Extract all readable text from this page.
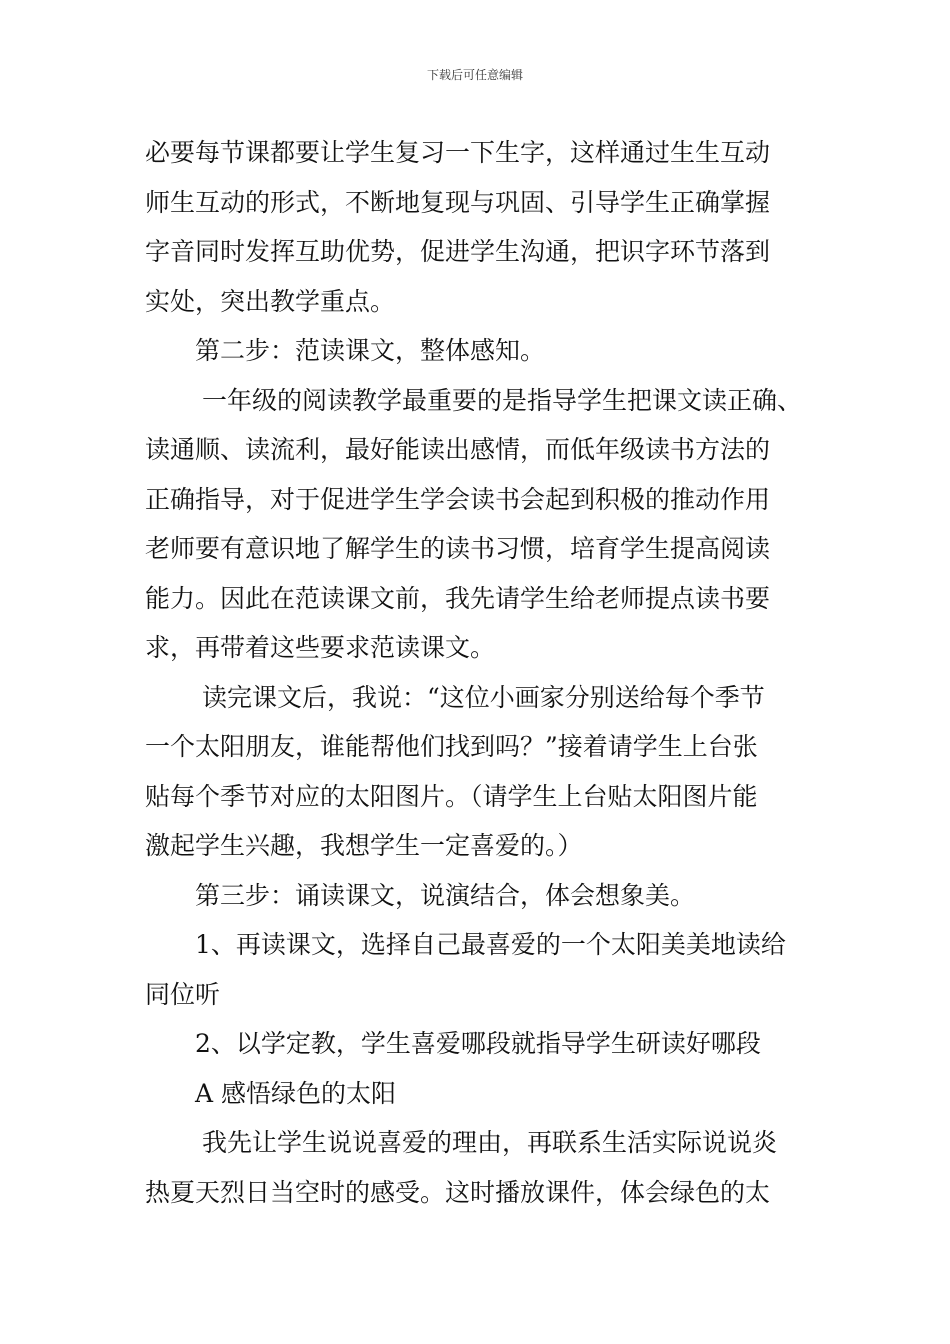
下载后可任意编辑
必要每节课都要让学生复习一下生字，这样通过生生互动
师生互动的形式，不断地复现与巩固、引导学生正确掌握
字音同时发挥互助优势，促进学生沟通，把识字环节落到
实处，突出教学重点。
第二步：范读课文，整体感知。
一年级的阅读教学最重要的是指导学生把课文读正确、
读通顺、读流利，最好能读出感情，而低年级读书方法的
正确指导，对于促进学生学会读书会起到积极的推动作用
老师要有意识地了解学生的读书习惯，培育学生提高阅读
能力。因此在范读课文前，我先请学生给老师提点读书要
求，再带着这些要求范读课文。
读完课文后，我说：“这位小画家分别送给每个季节
一个太阳朋友，谁能帮他们找到吗？”接着请学生上台张
贴每个季节对应的太阳图片。（请学生上台贴太阳图片能
激起学生兴趣，我想学生一定喜爱的。）
第三步：诵读课文，说演结合，体会想象美。
1、再读课文，选择自己最喜爱的一个太阳美美地读给
同位听
2、以学定教，学生喜爱哪段就指导学生研读好哪段
A 感悟绿色的太阳
我先让学生说说喜爱的理由，再联系生活实际说说炎
热夏天烈日当空时的感受。这时播放课件，体会绿色的太
